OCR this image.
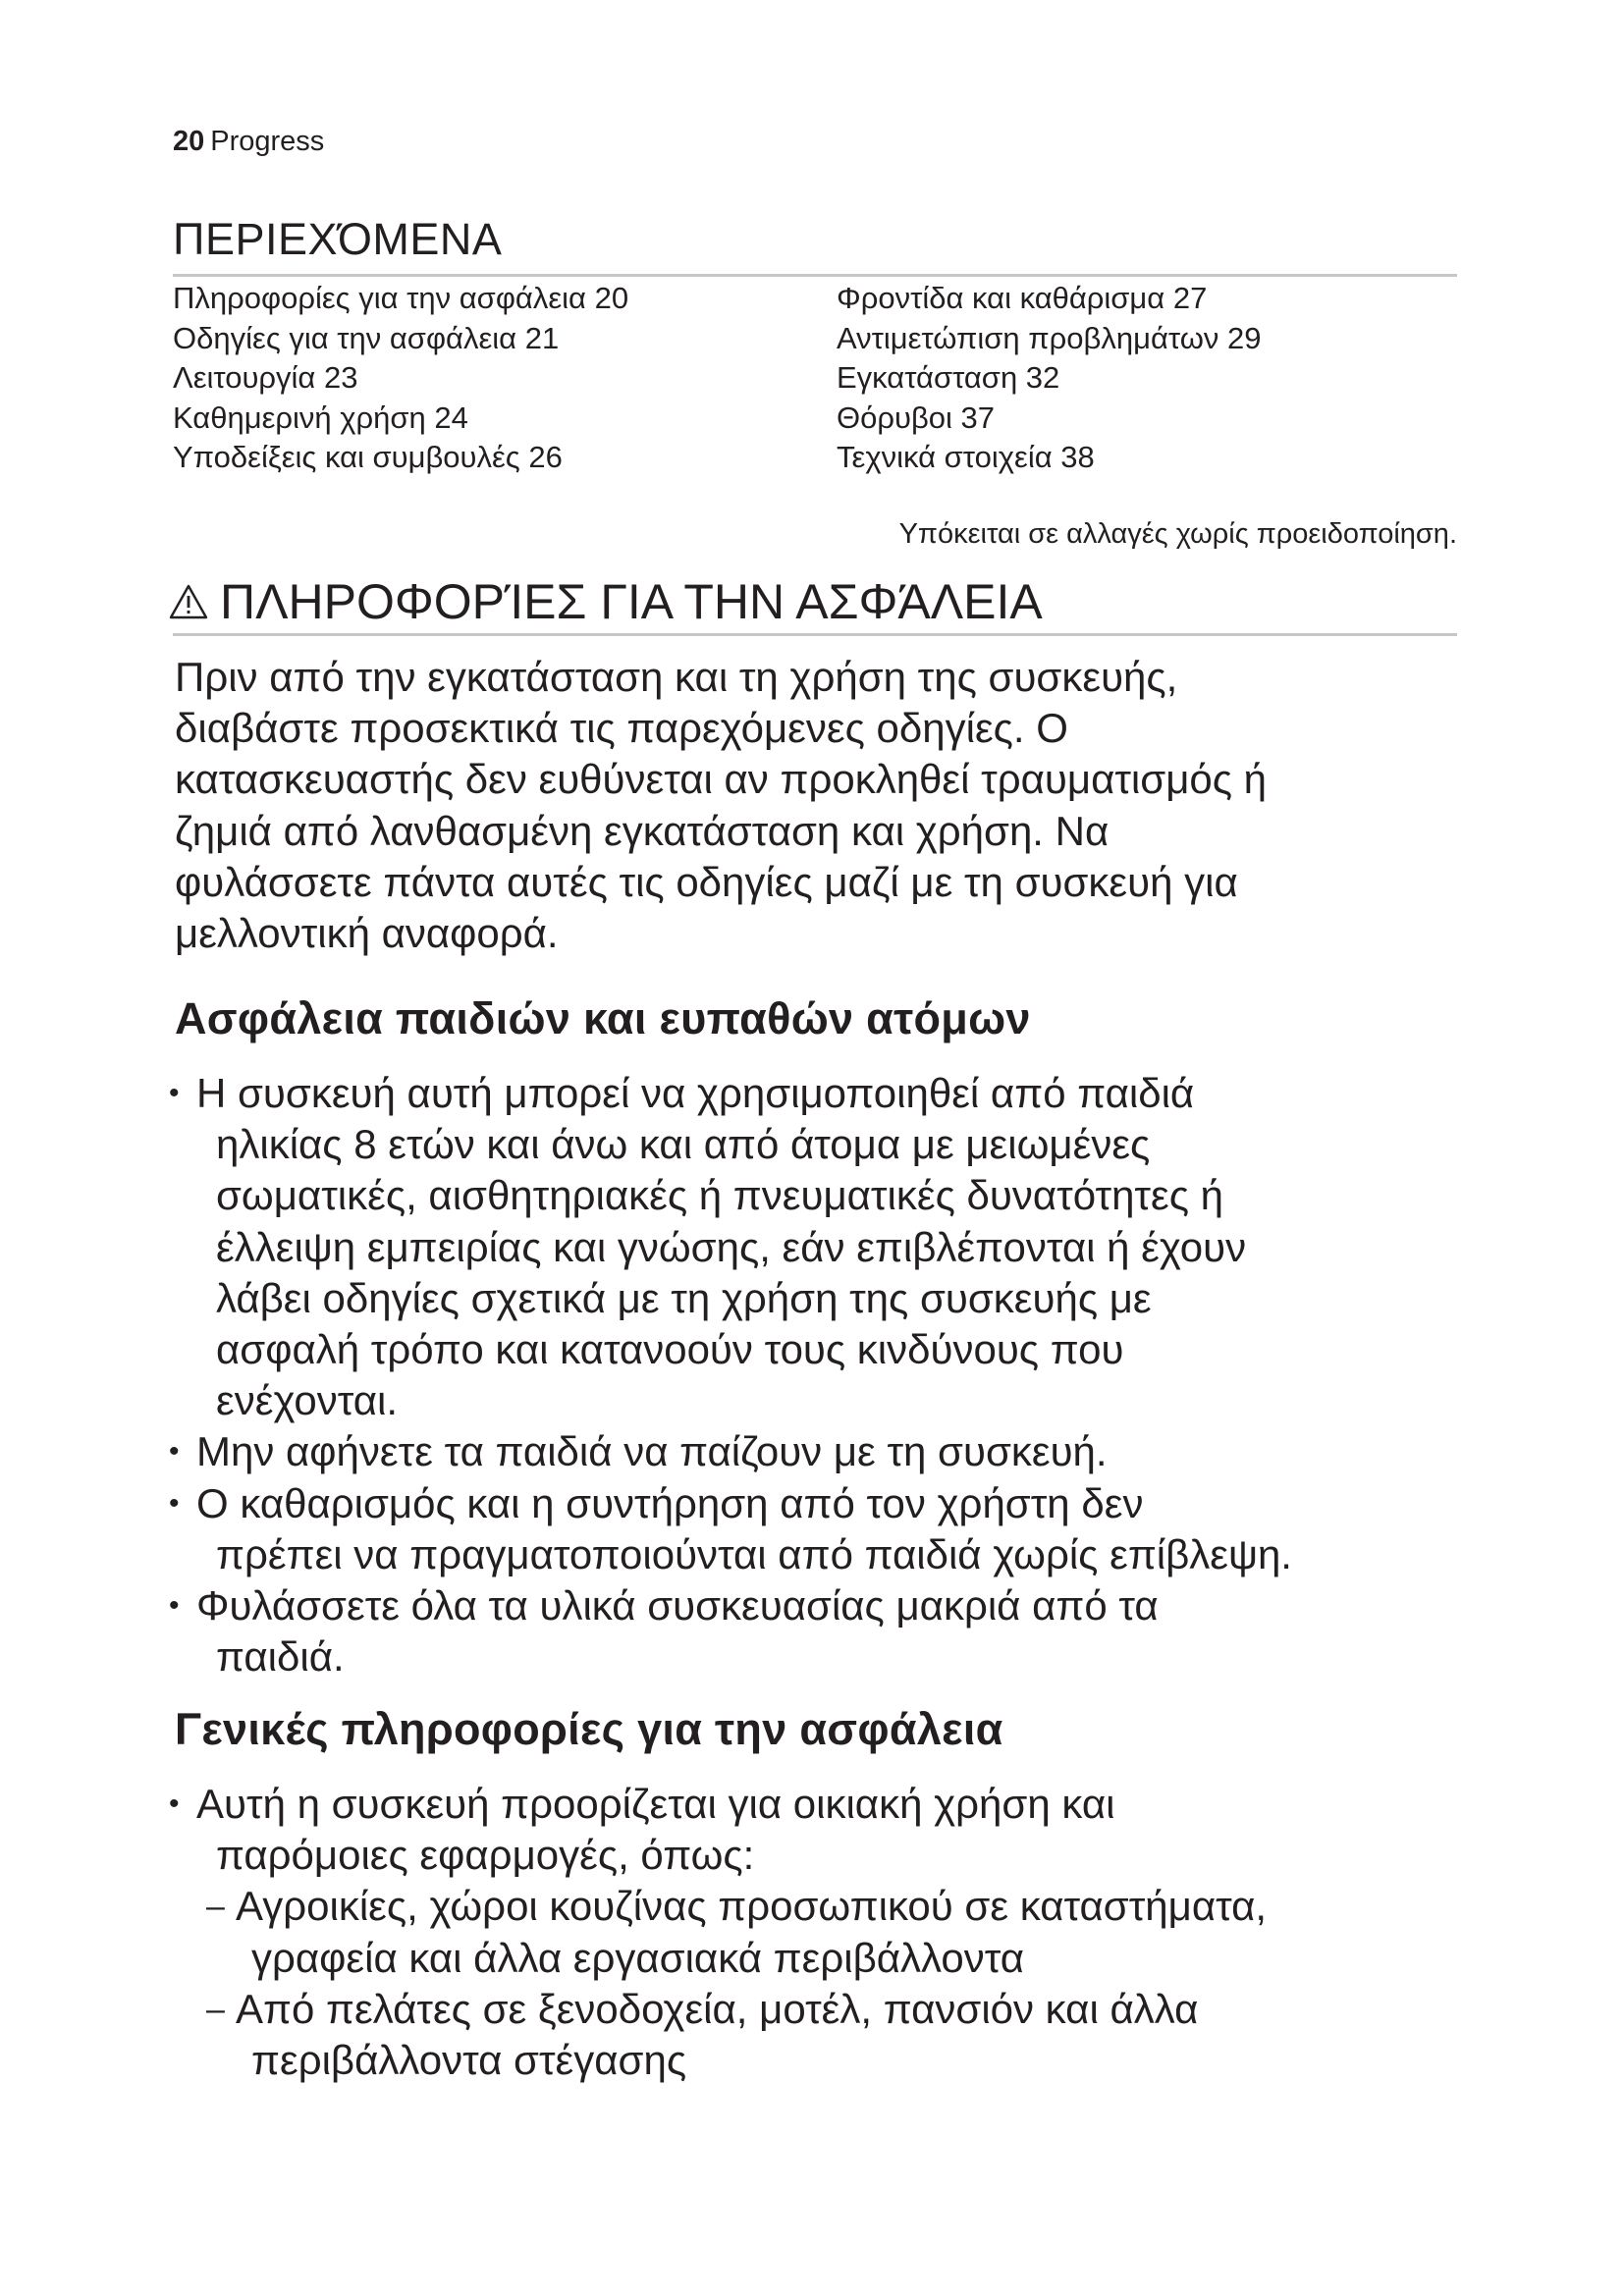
20 Progress
ΠΕΡΙΕΧΌΜΕΝΑ
Πληροφορίες για την ασφάλεια 20
Οδηγίες για την ασφάλεια 21
Λειτουργία 23
Καθημερινή χρήση 24
Υποδείξεις και συμβουλές 26
Φροντίδα και καθάρισμα 27
Αντιμετώπιση προβλημάτων 29
Εγκατάσταση 32
Θόρυβοι 37
Τεχνικά στοιχεία 38
Υπόκειται σε αλλαγές χωρίς προειδοποίηση.
ΠΛΗΡΟΦΟΡΊΕΣ ΓΙΑ ΤΗΝ ΑΣΦΆΛΕΙΑ
Πριν από την εγκατάσταση και τη χρήση της συσκευής,
διαβάστε προσεκτικά τις παρεχόμενες οδηγίες. Ο
κατασκευαστής δεν ευθύνεται αν προκληθεί τραυματισμός ή
ζημιά από λανθασμένη εγκατάσταση και χρήση. Να
φυλάσσετε πάντα αυτές τις οδηγίες μαζί με τη συσκευή για
μελλοντική αναφορά.
Ασφάλεια παιδιών και ευπαθών ατόμων
• Η συσκευή αυτή μπορεί να χρησιμοποιηθεί από παιδιά
ηλικίας 8 ετών και άνω και από άτομα με μειωμένες
σωματικές, αισθητηριακές ή πνευματικές δυνατότητες ή
έλλειψη εμπειρίας και γνώσης, εάν επιβλέπονται ή έχουν
λάβει οδηγίες σχετικά με τη χρήση της συσκευής με
ασφαλή τρόπο και κατανοούν τους κινδύνους που
ενέχονται.
• Μην αφήνετε τα παιδιά να παίζουν με τη συσκευή.
• Ο καθαρισμός και η συντήρηση από τον χρήστη δεν
πρέπει να πραγματοποιούνται από παιδιά χωρίς επίβλεψη.
• Φυλάσσετε όλα τα υλικά συσκευασίας μακριά από τα
παιδιά.
Γενικές πληροφορίες για την ασφάλεια
• Αυτή η συσκευή προορίζεται για οικιακή χρήση και
παρόμοιες εφαρμογές, όπως:
– Αγροικίες, χώροι κουζίνας προσωπικού σε καταστήματα,
γραφεία και άλλα εργασιακά περιβάλλοντα
– Από πελάτες σε ξενοδοχεία, μοτέλ, πανσιόν και άλλα
περιβάλλοντα στέγασης
